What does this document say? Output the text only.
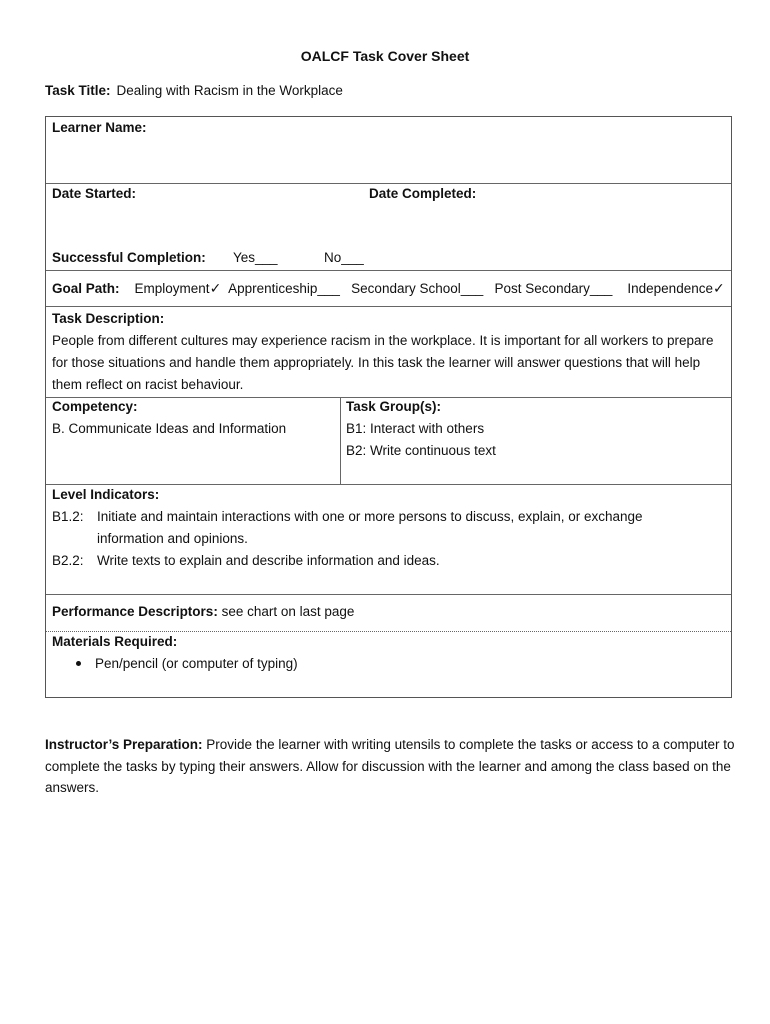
OALCF Task Cover Sheet
Task Title: Dealing with Racism in the Workplace
Learner Name:
Date Started:	Date Completed:
Successful Completion: Yes___	No___
Goal Path: Employment✓ Apprenticeship___ Secondary School___ Post Secondary___ Independence✓
Task Description:
People from different cultures may experience racism in the workplace. It is important for all workers to prepare for those situations and handle them appropriately. In this task the learner will answer questions that will help them reflect on racist behaviour.
Competency:
B. Communicate Ideas and Information
Task Group(s):
B1: Interact with others
B2: Write continuous text
Level Indicators:
B1.2: Initiate and maintain interactions with one or more persons to discuss, explain, or exchange
information and opinions.
B2.2: Write texts to explain and describe information and ideas.
Performance Descriptors: see chart on last page
Materials Required:
Pen/pencil (or computer of typing)
Instructor’s Preparation: Provide the learner with writing utensils to complete the tasks or access to a computer to complete the tasks by typing their answers. Allow for discussion with the learner and among the class based on the answers.
